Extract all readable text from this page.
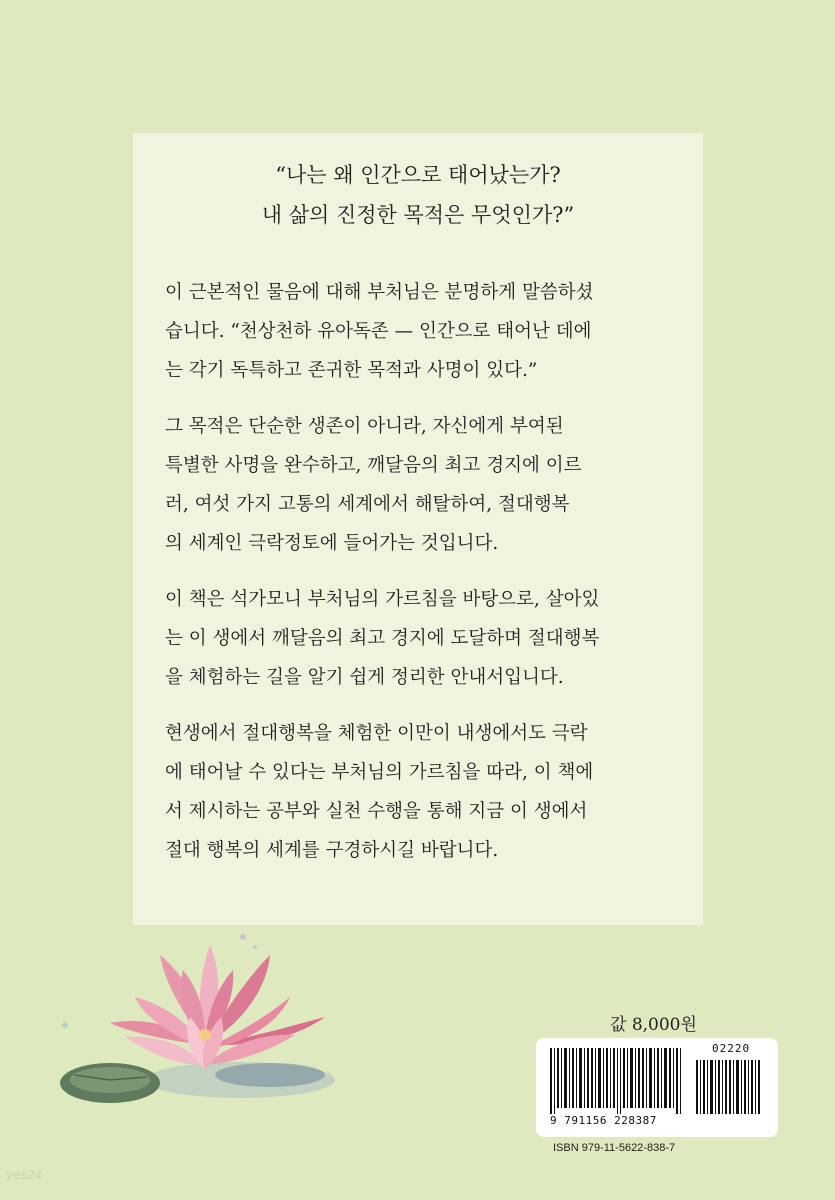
“나는 왜 인간으로 태어났는가?
내 삶의 진정한 목적은 무엇인가?”
이 근본적인 물음에 대해 부처님은 분명하게 말씀하셨
습니다. “천상천하 유아독존 — 인간으로 태어난 데에
는 각기 독특하고 존귀한 목적과 사명이 있다.”
그 목적은 단순한 생존이 아니라, 자신에게 부여된
특별한 사명을 완수하고, 깨달음의 최고 경지에 이르
러, 여섯 가지 고통의 세계에서 해탈하여, 절대행복
의 세계인 극락정토에 들어가는 것입니다.
이 책은 석가모니 부처님의 가르침을 바탕으로, 살아있
는 이 생에서 깨달음의 최고 경지에 도달하며 절대행복
을 체험하는 길을 알기 쉽게 정리한 안내서입니다.
현생에서 절대행복을 체험한 이만이 내생에서도 극락
에 태어날 수 있다는 부처님의 가르침을 따라, 이 책에
서 제시하는 공부와 실천 수행을 통해 지금 이 생에서
절대 행복의 세계를 구경하시길 바랍니다.
값 8,000원
02220
9 791156 228387
ISBN 979-11-5622-838-7
yes24
